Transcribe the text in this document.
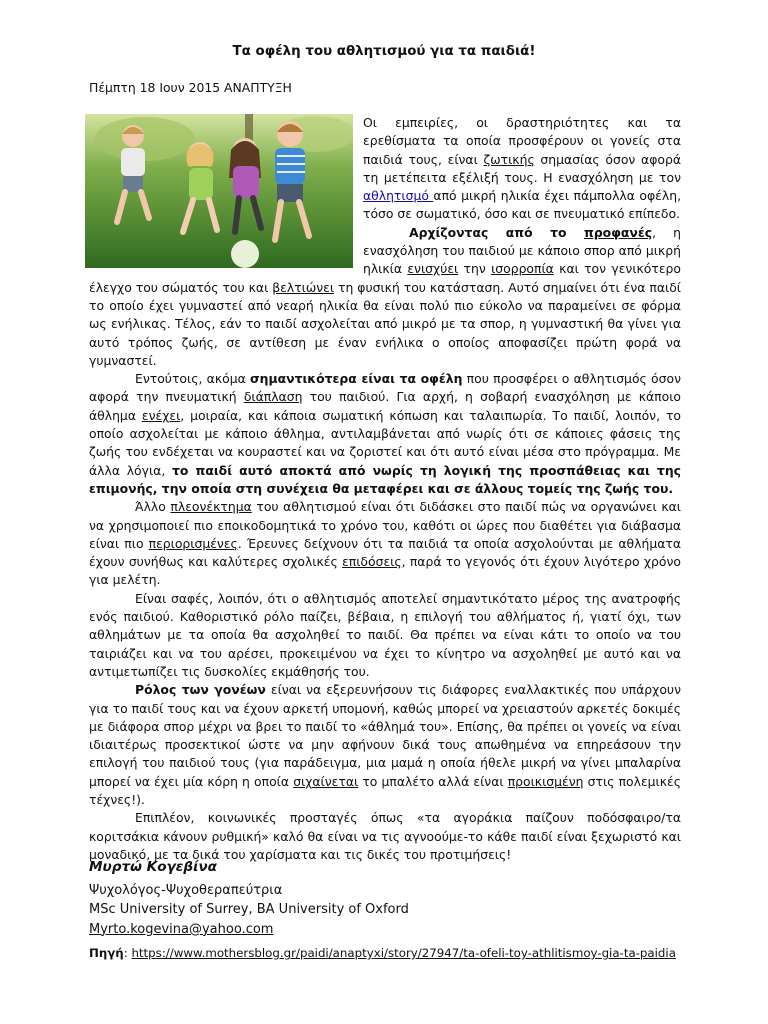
Τα οφέλη του αθλητισμού για τα παιδιά!

Πέμπτη 18 Ιουν 2015 ΑΝΑΠΤΥΞΗ

Οι εμπειρίες, οι δραστηριότητες και τα ερεθίσματα τα οποία προσφέρουν οι γονείς στα παιδιά τους, είναι ζωτικής σημασίας όσον αφορά τη μετέπειτα εξέλιξή τους. Η ενασχόληση με τον αθλητισμό από μικρή ηλικία έχει πάμπολλα οφέλη, τόσο σε σωματικό, όσο και σε πνευματικό επίπεδο.

Αρχίζοντας από το προφανές, η ενασχόληση του παιδιού με κάποιο σπορ από μικρή ηλικία ενισχύει την ισορροπία και τον γενικότερο έλεγχο του σώματός του και βελτιώνει τη φυσική του κατάσταση. Αυτό σημαίνει ότι ένα παιδί το οποίο έχει γυμναστεί από νεαρή ηλικία θα είναι πολύ πιο εύκολο να παραμείνει σε φόρμα ως ενήλικας. Τέλος, εάν το παιδί ασχολείται από μικρό με τα σπορ, η γυμναστική θα γίνει για αυτό τρόπος ζωής, σε αντίθεση με έναν ενήλικα ο οποίος αποφασίζει πρώτη φορά να γυμναστεί.

Εντούτοις, ακόμα σημαντικότερα είναι τα οφέλη που προσφέρει ο αθλητισμός όσον αφορά την πνευματική διάπλαση του παιδιού. Για αρχή, η σοβαρή ενασχόληση με κάποιο άθλημα ενέχει, μοιραία, και κάποια σωματική κόπωση και ταλαιπωρία. Το παιδί, λοιπόν, το οποίο ασχολείται με κάποιο άθλημα, αντιλαμβάνεται από νωρίς ότι σε κάποιες φάσεις της ζωής του ενδέχεται να κουραστεί και να ζοριστεί και ότι αυτό είναι μέσα στο πρόγραμμα. Με άλλα λόγια, το παιδί αυτό αποκτά από νωρίς τη λογική της προσπάθειας και της επιμονής, την οποία στη συνέχεια θα μεταφέρει και σε άλλους τομείς της ζωής του.

Άλλο πλεονέκτημα του αθλητισμού είναι ότι διδάσκει στο παιδί πώς να οργανώνει και να χρησιμοποιεί πιο εποικοδομητικά το χρόνο του, καθότι οι ώρες που διαθέτει για διάβασμα είναι πιο περιορισμένες. Έρευνες δείχνουν ότι τα παιδιά τα οποία ασχολούνται με αθλήματα έχουν συνήθως και καλύτερες σχολικές επιδόσεις, παρά το γεγονός ότι έχουν λιγότερο χρόνο για μελέτη.

Είναι σαφές, λοιπόν, ότι ο αθλητισμός αποτελεί σημαντικότατο μέρος της ανατροφής ενός παιδιού. Καθοριστικό ρόλο παίζει, βέβαια, η επιλογή του αθλήματος ή, γιατί όχι, των αθλημάτων με τα οποία θα ασχοληθεί το παιδί. Θα πρέπει να είναι κάτι το οποίο να του ταιριάζει και να του αρέσει, προκειμένου να έχει το κίνητρο να ασχοληθεί με αυτό και να αντιμετωπίζει τις δυσκολίες εκμάθησής του.

Ρόλος των γονέων είναι να εξερευνήσουν τις διάφορες εναλλακτικές που υπάρχουν για το παιδί τους και να έχουν αρκετή υπομονή, καθώς μπορεί να χρειαστούν αρκετές δοκιμές με διάφορα σπορ μέχρι να βρει το παιδί το «άθλημά του». Επίσης, θα πρέπει οι γονείς να είναι ιδιαιτέρως προσεκτικοί ώστε να μην αφήνουν δικά τους απωθημένα να επηρεάσουν την επιλογή του παιδιού τους (για παράδειγμα, μια μαμά η οποία ήθελε μικρή να γίνει μπαλαρίνα μπορεί να έχει μία κόρη η οποία σιχαίνεται το μπαλέτο αλλά είναι προικισμένη στις πολεμικές τέχνες!).

Επιπλέον, κοινωνικές προσταγές όπως «τα αγοράκια παίζουν ποδόσφαιρο/τα κοριτσάκια κάνουν ρυθμική» καλό θα είναι να τις αγνοούμε-το κάθε παιδί είναι ξεχωριστό και μοναδικό, με τα δικά του χαρίσματα και τις δικές του προτιμήσεις!

Μυρτώ Κογεβίνα

Ψυχολόγος-Ψυχοθεραπεύτρια

MSc University of Surrey, BA University of Oxford

Myrto.kogevina@yahoo.com

Πηγή: https://www.mothersblog.gr/paidi/anaptyxi/story/27947/ta-ofeli-toy-athlitismoy-gia-ta-paidia
